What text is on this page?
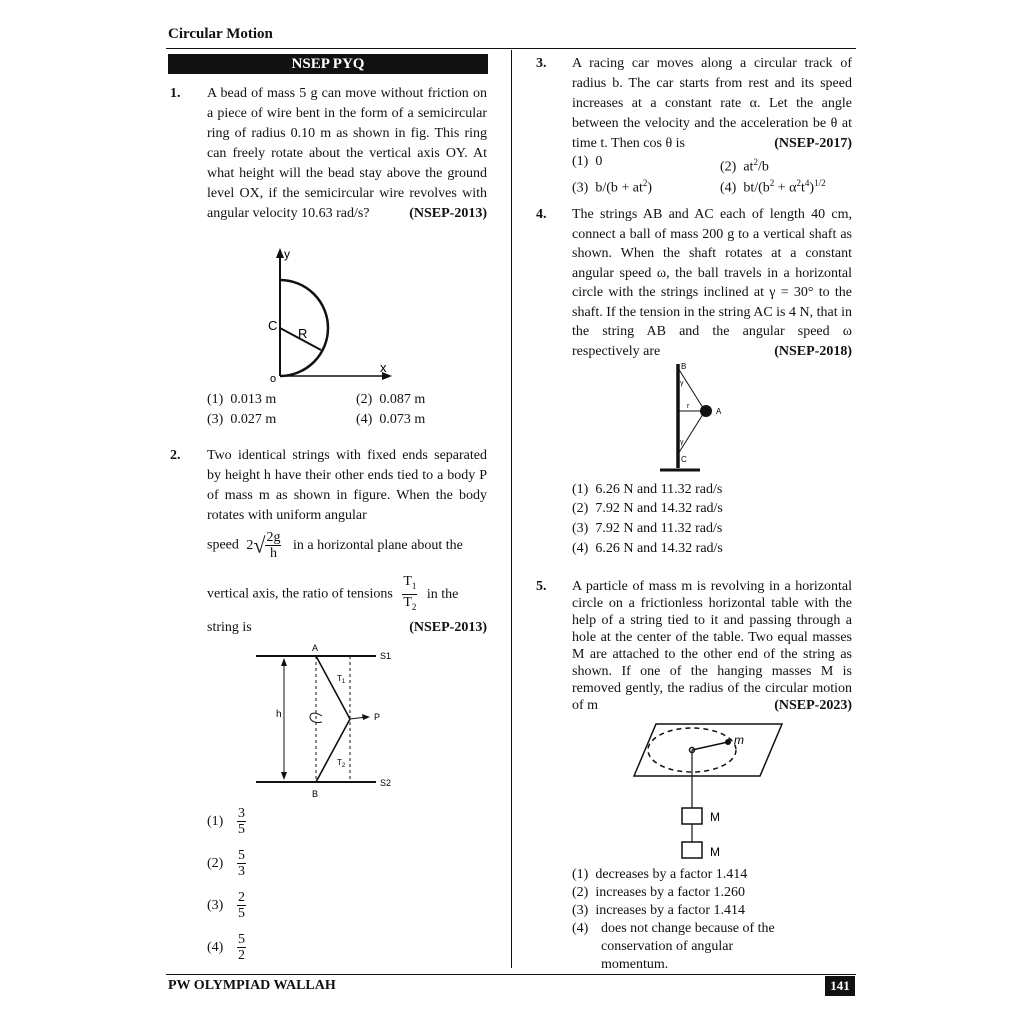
Circular Motion
PW OLYMPIAD WALLAH	141
NSEP PYQ
1. A bead of mass 5 g can move without friction on a piece of wire bent in the form of a semicircular ring of radius 0.10 m as shown in fig. This ring can freely rotate about the vertical axis OY. At what height will the bead stay above the ground level OX, if the semicircular wire revolves with angular velocity 10.63 rad/s?	(NSEP-2013)
y
x
C
R
o
(1) 0.013 m	(2) 0.087 m
(3) 0.027 m	(4) 0.073 m
2. Two identical strings with fixed ends separated by height h have their other ends tied to a body P of mass m as shown in figure. When the body rotates with uniform angular
speed $2√ \frac{2g}{h}$ in a horizontal plane about the
vertical axis, the ratio of tensions $\frac{T_1}{T_2}$ in the
string is	(NSEP-2013)
A
B
S1
S2
h	P
$T_1$
$T_2$
$(1) \frac{3}{5}$
$(2) \frac{5}{3}$
$(3) \frac{2}{5}$
$(4) \frac{5}{2}$
3. A racing car moves along a circular track of radius b. The car starts from rest and its speed increases at a constant rate α. Let the angle between the velocity and the acceleration be θ at time t. Then cos θ is	(NSEP-2017)
(1) 0	(2) $at^2/b$
(3) $b/(b + at^2)$	(4) $bt/(b^2 + \alpha^2t^4)^{1/2}$
4. The strings AB and AC each of length 40 cm, connect a ball of mass 200 g to a vertical shaft as shown. When the shaft rotates at a constant angular speed ω, the ball travels in a horizontal circle with the strings inclined at γ = 30° to the shaft. If the tension in the string AC is 4 N, that in the string AB and the angular speed ω respectively are	(NSEP-2018)
B
A
C
r
γ
γ
(1) 6.26 N and 11.32 rad/s
(2) 7.92 N and 14.32 rad/s
(3) 7.92 N and 11.32 rad/s
(4) 6.26 N and 14.32 rad/s
5. A particle of mass m is revolving in a horizontal circle on a frictionless horizontal table with the help of a string tied to it and passing through a hole at the center of the table. Two equal masses M are attached to the other end of the string as shown. If one of the hanging masses M is removed gently, the radius of the circular motion of m	(NSEP-2023)
m
M
M
(1) decreases by a factor 1.414
(2) increases by a factor 1.260
(3) increases by a factor 1.414
(4) does not change because of the conservation of angular momentum.
